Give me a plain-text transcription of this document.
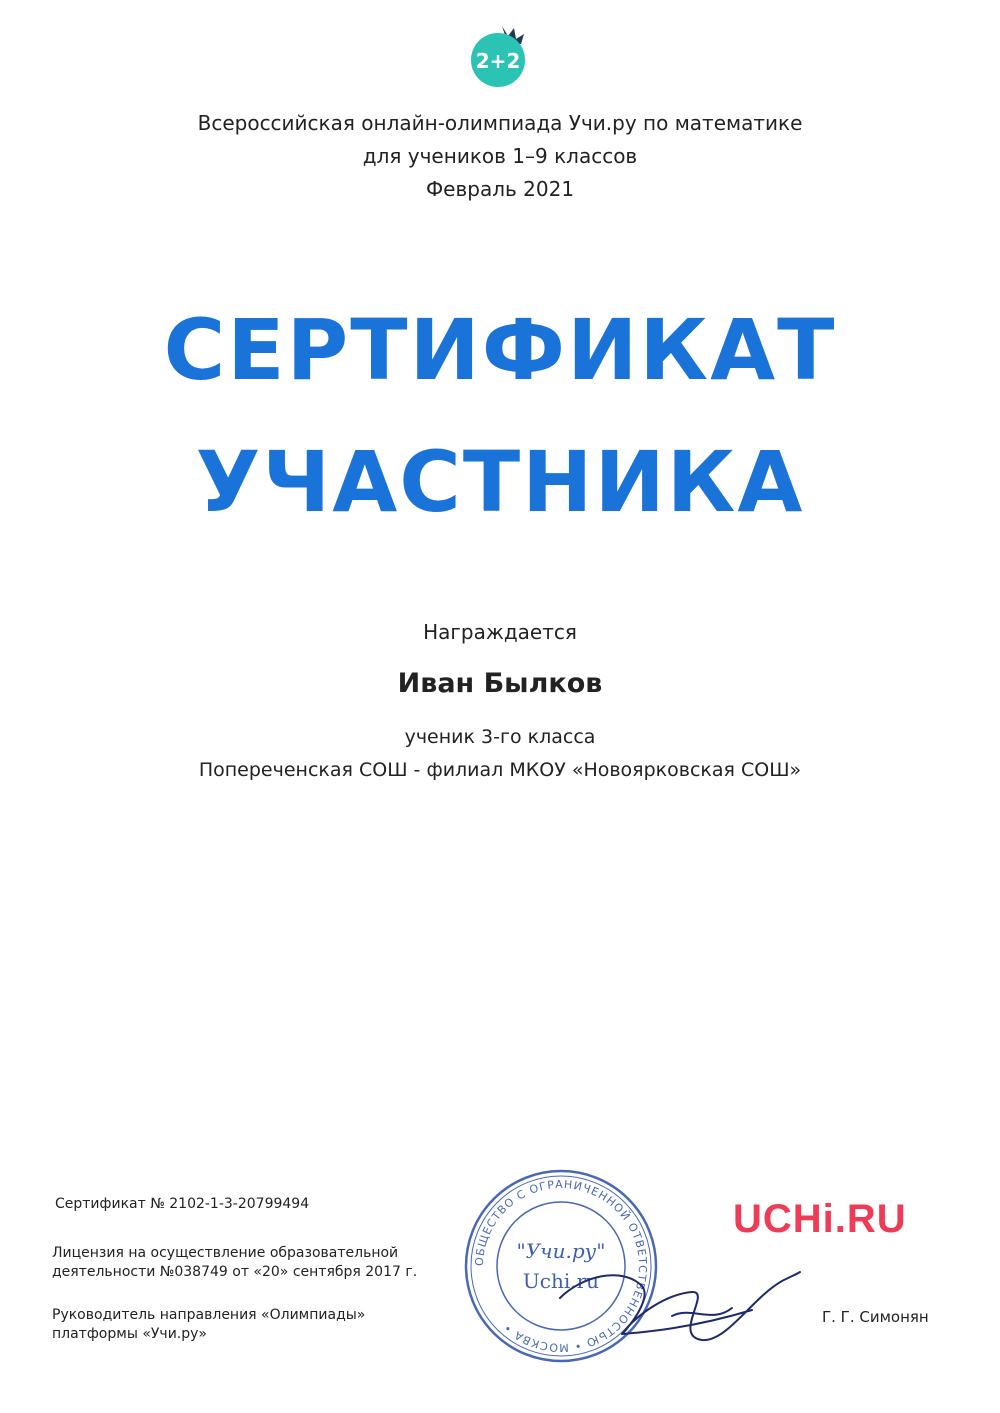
2+2
Всероссийская онлайн-олимпиада Учи.ру по математике
для учеников 1–9 классов
Февраль 2021
СЕРТИФИКАТ
УЧАСТНИКА
Награждается
Иван Былков
ученик 3-го класса
Поперечeнская СОШ - филиал МКОУ «Новоярковская СОШ»
Сертификат № 2102-1-3-20799494
Лицензия на осуществление образовательной
деятельности №038749 от «20» сентября 2017 г.
Руководитель направления «Олимпиады»
платформы «Учи.ру»
ОБЩЕСТВО С ОГРАНИЧЕННОЙ ОТВЕТСТВЕННОСТЬЮ • МОСКВА •
"Учи.ру"
Uchi.ru
UCHi.RU
Г. Г. Симонян
